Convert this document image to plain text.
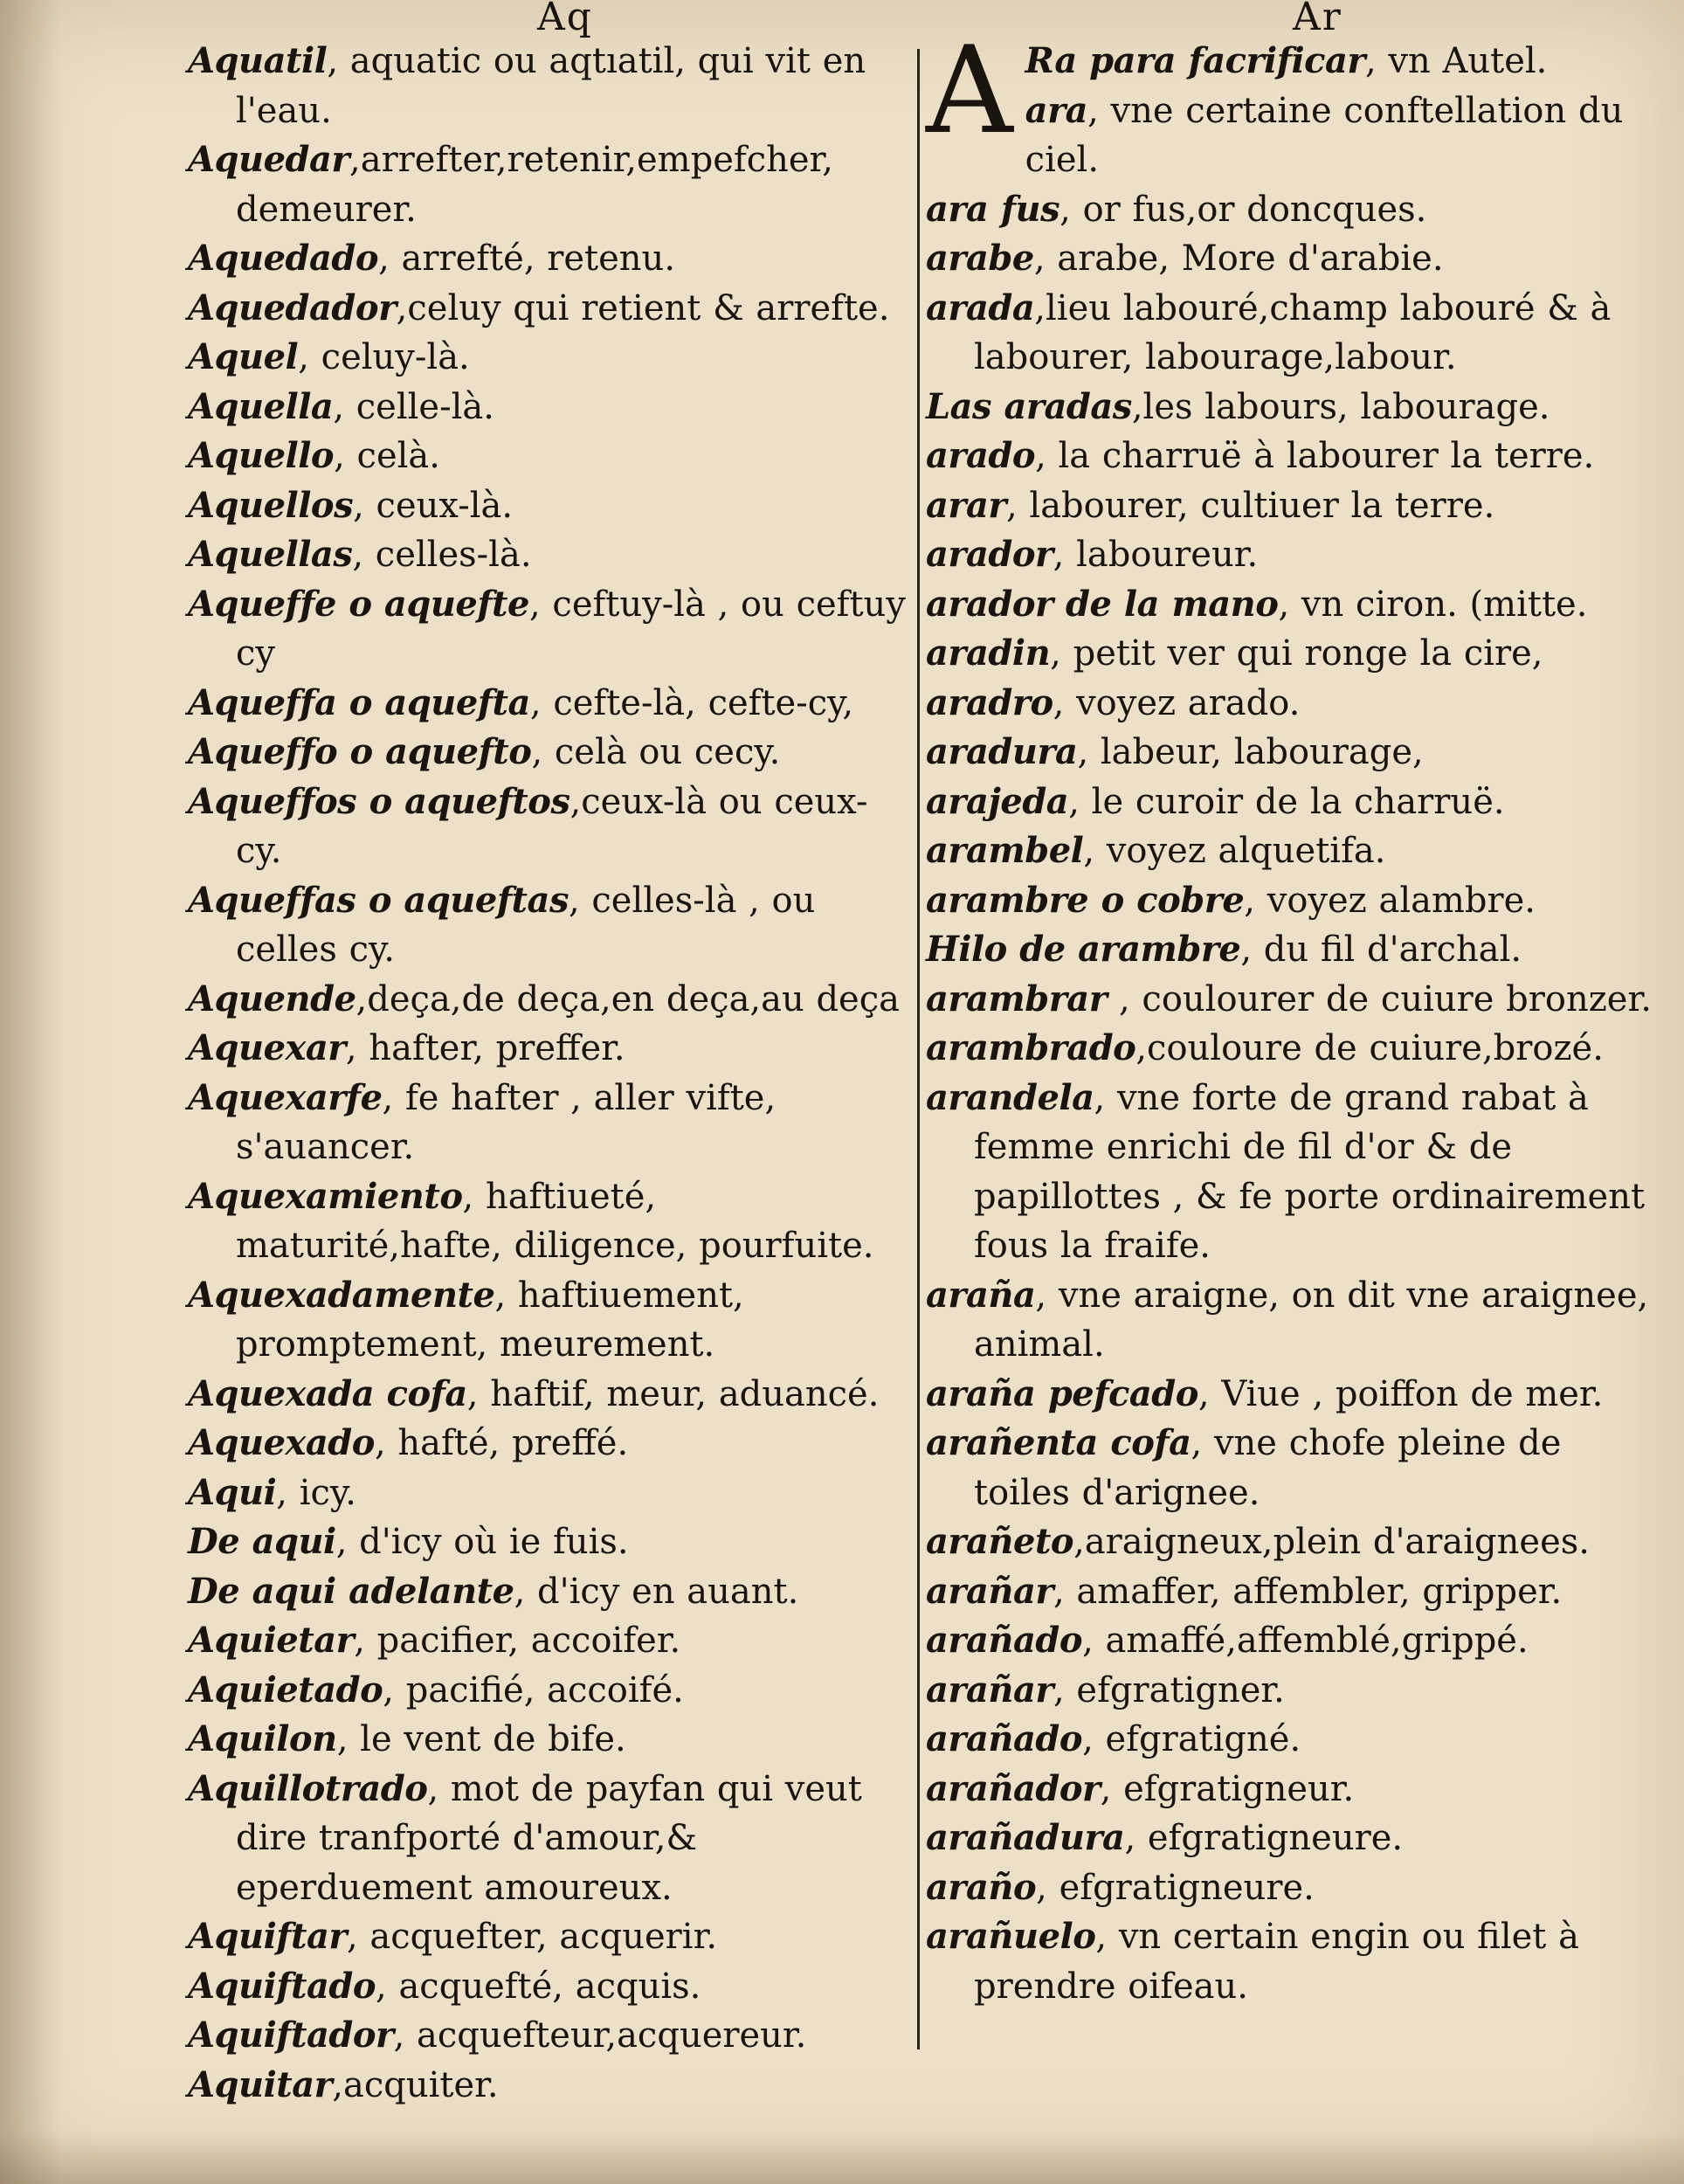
Aq	Ar
Aquatil, aquatic ou aqtıatil, qui vit en l'eau.
Aquedar,arrefter,retenir,empefcher, demeurer.
Aquedado, arrefté, retenu.
Aquedador,celuy qui retient & arrefte.
Aquel, celuy-là.
Aquella, celle-là.
Aquello, celà.
Aquellos, ceux-là.
Aquellas, celles-là.
Aqueffe o aquefte, ceftuy-là , ou ceftuy cy
Aqueffa o aquefta, cefte-là, cefte-cy,
Aqueffo o aquefto, celà ou cecy.
Aqueffos o aqueftos,ceux-là ou ceux-cy.
Aqueffas o aqueftas, celles-là , ou celles cy.
Aquende,deça,de deça,en deça,au deça
Aquexar, hafter, preffer.
Aquexarfe, fe hafter , aller vifte, s'auancer.
Aquexamiento, haftiueté, maturité,hafte, diligence, pourfuite.
Aquexadamente, haftiuement, promptement, meurement.
Aquexada cofa, haftif, meur, aduancé.
Aquexado, hafté, preffé.
Aqui, icy.
De aqui, d'icy où ie fuis.
De aqui adelante, d'icy en auant.
Aquietar, pacifier, accoifer.
Aquietado, pacifié, accoifé.
Aquilon, le vent de bife.
Aquillotrado, mot de payfan qui veut dire tranfporté d'amour,& eperduement amoureux.
Aquiftar, acquefter, acquerir.
Aquiftado, acquefté, acquis.
Aquiftador, acquefteur,acquereur.
Aquitar,acquiter.
A Ra para facrificar, vn Autel.
ara, vne certaine conftellation du ciel.
ara fus, or fus,or doncques.
arabe, arabe, More d'arabie.
arada,lieu labouré,champ labouré & à labourer, labourage,labour.
Las aradas,les labours, labourage.
arado, la charruë à labourer la terre.
arar, labourer, cultiuer la terre.
arador, laboureur.
arador de la mano, vn ciron. (mitte.
aradin, petit ver qui ronge la cire,
aradro, voyez arado.
aradura, labeur, labourage,
arajeda, le curoir de la charruë.
arambel, voyez alquetifa.
arambre o cobre, voyez alambre.
Hilo de arambre, du fil d'archal.
arambrar , coulourer de cuiure bronzer.
arambrado,couloure de cuiure,brozé.
arandela, vne forte de grand rabat à femme enrichi de fil d'or & de papillottes , & fe porte ordinairement fous la fraife.
araña, vne araigne, on dit vne araignee, animal.
araña pefcado, Viue , poiffon de mer.
arañenta cofa, vne chofe pleine de toiles d'arignee.
arañeto,araigneux,plein d'araignees.
arañar, amaffer, affembler, gripper.
arañado, amaffé,affemblé,grippé.
arañar, efgratigner.
arañado, efgratigné.
arañador, efgratigneur.
arañadura, efgratigneure.
araño, efgratigneure.
arañuelo, vn certain engin ou filet à prendre oifeau.
